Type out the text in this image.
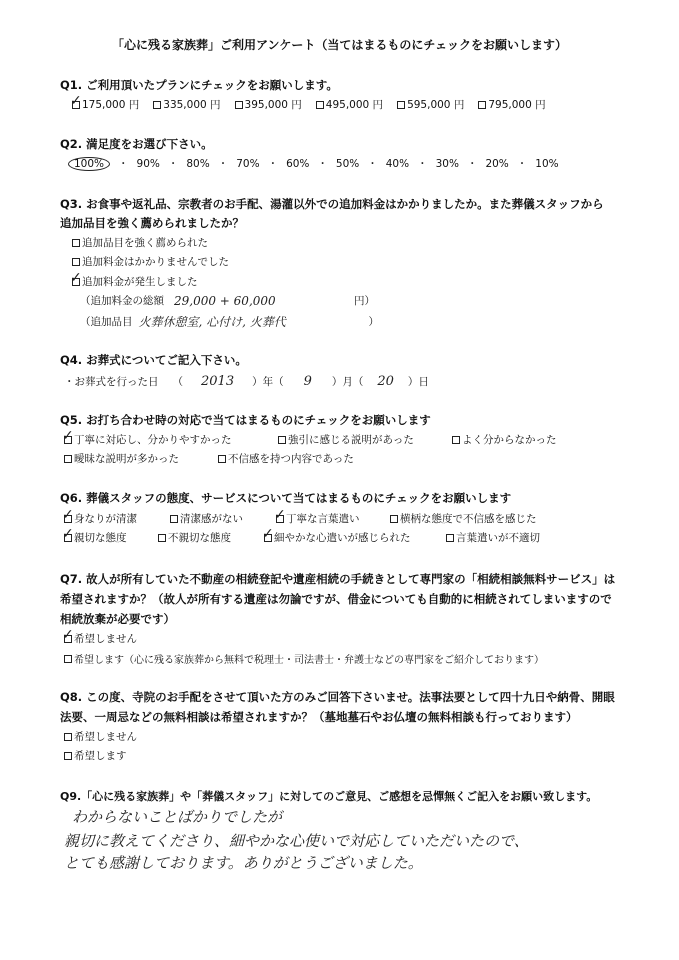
「心に残る家族葬」ご利用アンケート（当てはまるものにチェックをお願いします）
Q1. ご利用頂いたプランにチェックをお願いします。
✓
175,000 円 335,000 円 395,000 円 495,000 円 595,000 円 795,000 円
Q2. 満足度をお選び下さい。
100% ・ 90% ・ 80% ・ 70% ・ 60% ・ 50% ・ 40% ・ 30% ・ 20% ・ 10%
Q3. お食事や返礼品、宗教者のお手配、湯灌以外での追加料金はかかりましたか。また葬儀スタッフから
追加品目を強く薦められましたか？
追加品目を強く薦められた
追加料金はかかりませんでした
✓
追加料金が発生しました
（追加料金の総額 29,000 + 60,000	円）
（追加品目 火葬休憩室, 心付け, 火葬代	）
Q4. お葬式についてご記入下さい。
・お葬式を行った日 （ 2013 ）年（ 9 ）月（ 20 ）日
Q5. お打ち合わせ時の対応で当てはまるものにチェックをお願いします
✓
丁寧に対応し、分かりやすかった	強引に感じる説明があった	よく分からなかった
曖昧な説明が多かった	不信感を持つ内容であった
Q6. 葬儀スタッフの態度、サービスについて当てはまるものにチェックをお願いします
✓
身なりが清潔	清潔感がない ✓	丁寧な言葉遣い	横柄な態度で不信感を感じた
✓
親切な態度	不親切な態度 ✓	細やかな心遣いが感じられた	言葉遣いが不適切
Q7. 故人が所有していた不動産の相続登記や遺産相続の手続きとして専門家の「相続相談無料サービス」は
希望されますか？（故人が所有する遺産は勿論ですが、借金についても自動的に相続されてしまいますので
相続放棄が必要です）
✓
希望しません
希望します（心に残る家族葬から無料で税理士・司法書士・弁護士などの専門家をご紹介しております）
Q8. この度、寺院のお手配をさせて頂いた方のみご回答下さいませ。法事法要として四十九日や納骨、開眼
法要、一周忌などの無料相談は希望されますか？（墓地墓石やお仏壇の無料相談も行っております）
希望しません
希望します
Q9.「心に残る家族葬」や「葬儀スタッフ」に対してのご意見、ご感想を忌憚無くご記入をお願い致します。
わからないことばかりでしたが
親切に教えてくださり、細やかな心使いで対応していただいたので、
とても感謝しております。ありがとうございました。
